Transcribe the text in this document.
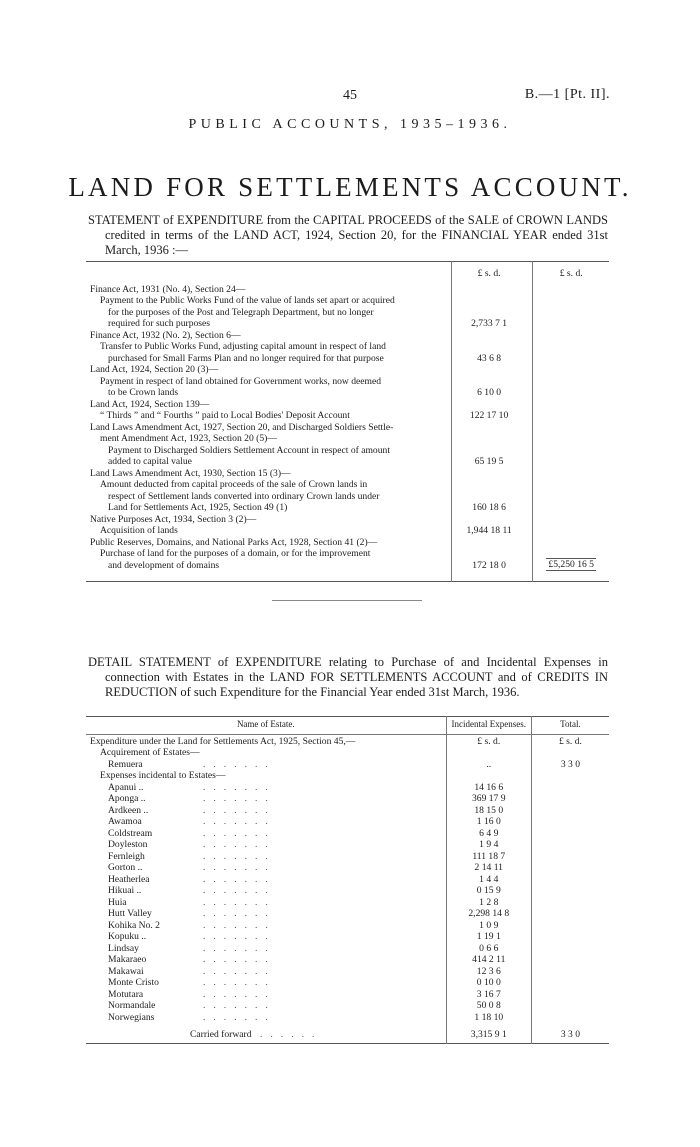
45	B.—1 [Pt. II].
PUBLIC ACCOUNTS, 1935–1936.
LAND FOR SETTLEMENTS ACCOUNT.

STATEMENT of EXPENDITURE from the CAPITAL PROCEEDS of the SALE of CROWN LANDS credited in terms of the LAND ACT, 1924, Section 20, for the FINANCIAL YEAR ended 31st March, 1936 :—

	£ s. d.	£ s. d.

Finance Act, 1931 (No. 4), Section 24—
Payment to the Public Works Fund of the value of lands set apart or acquired
for the purposes of the Post and Telegraph Department, but no longer
required for such purposes	2,733 7 1	

Finance Act, 1932 (No. 2), Section 6—
Transfer to Public Works Fund, adjusting capital amount in respect of land
purchased for Small Farms Plan and no longer required for that purpose	43 6 8	

Land Act, 1924, Section 20 (3)—
Payment in respect of land obtained for Government works, now deemed
to be Crown lands	6 10 0	

Land Act, 1924, Section 139—
“ Thirds ” and “ Fourths ” paid to Local Bodies' Deposit Account	122 17 10	

Land Laws Amendment Act, 1927, Section 20, and Discharged Soldiers Settle-
ment Amendment Act, 1923, Section 20 (5)—
Payment to Discharged Soldiers Settlement Account in respect of amount
added to capital value	65 19 5	

Land Laws Amendment Act, 1930, Section 15 (3)—
Amount deducted from capital proceeds of the sale of Crown lands in
respect of Settlement lands converted into ordinary Crown lands under
Land for Settlements Act, 1925, Section 49 (1)	160 18 6	

Native Purposes Act, 1934, Section 3 (2)—
Acquisition of lands	1,944 18 11	

Public Reserves, Domains, and National Parks Act, 1928, Section 41 (2)—
Purchase of land for the purposes of a domain, or for the improvement
and development of domains	172 18 0	£5,250 16 5

DETAIL STATEMENT of EXPENDITURE relating to Purchase of and Incidental Expenses in connection with Estates in the LAND FOR SETTLEMENTS ACCOUNT and of CREDITS IN REDUCTION of such Expenditure for the Financial Year ended 31st March, 1936.

Name of Estate.	Incidental Expenses.	Total.
Expenditure under the Land for Settlements Act, 1925, Section 45,—	£ s. d.	£ s. d.

Acquirement of Estates—		

Remuera .......	..	3 3 0

Expenses incidental to Estates—		

Apanui .. .......	14 16 6	
Aponga .. .......	369 17 9	
Ardkeen .. .......	18 15 0	
Awamoa .......	1 16 0	
Coldstream .......	6 4 9	
Doyleston .......	1 9 4	
Fernleigh .......	111 18 7	
Gorton .. .......	2 14 11	
Heatherlea .......	1 4 4	
Hikuai .. .......	0 15 9	
Huia .......	1 2 8	
Hutt Valley .......	2,298 14 8	
Kohika No. 2 .......	1 0 9	
Kopuku .. .......	1 19 1	
Lindsay .......	0 6 6	
Makaraeo .......	414 2 11	
Makawai .......	12 3 6	
Monte Cristo .......	0 10 0	
Motutara .......	3 16 7	
Normandale .......	50 0 8	
Norwegians .......	1 18 10	
Carried forward ......	3,315 9 1	3 3 0
